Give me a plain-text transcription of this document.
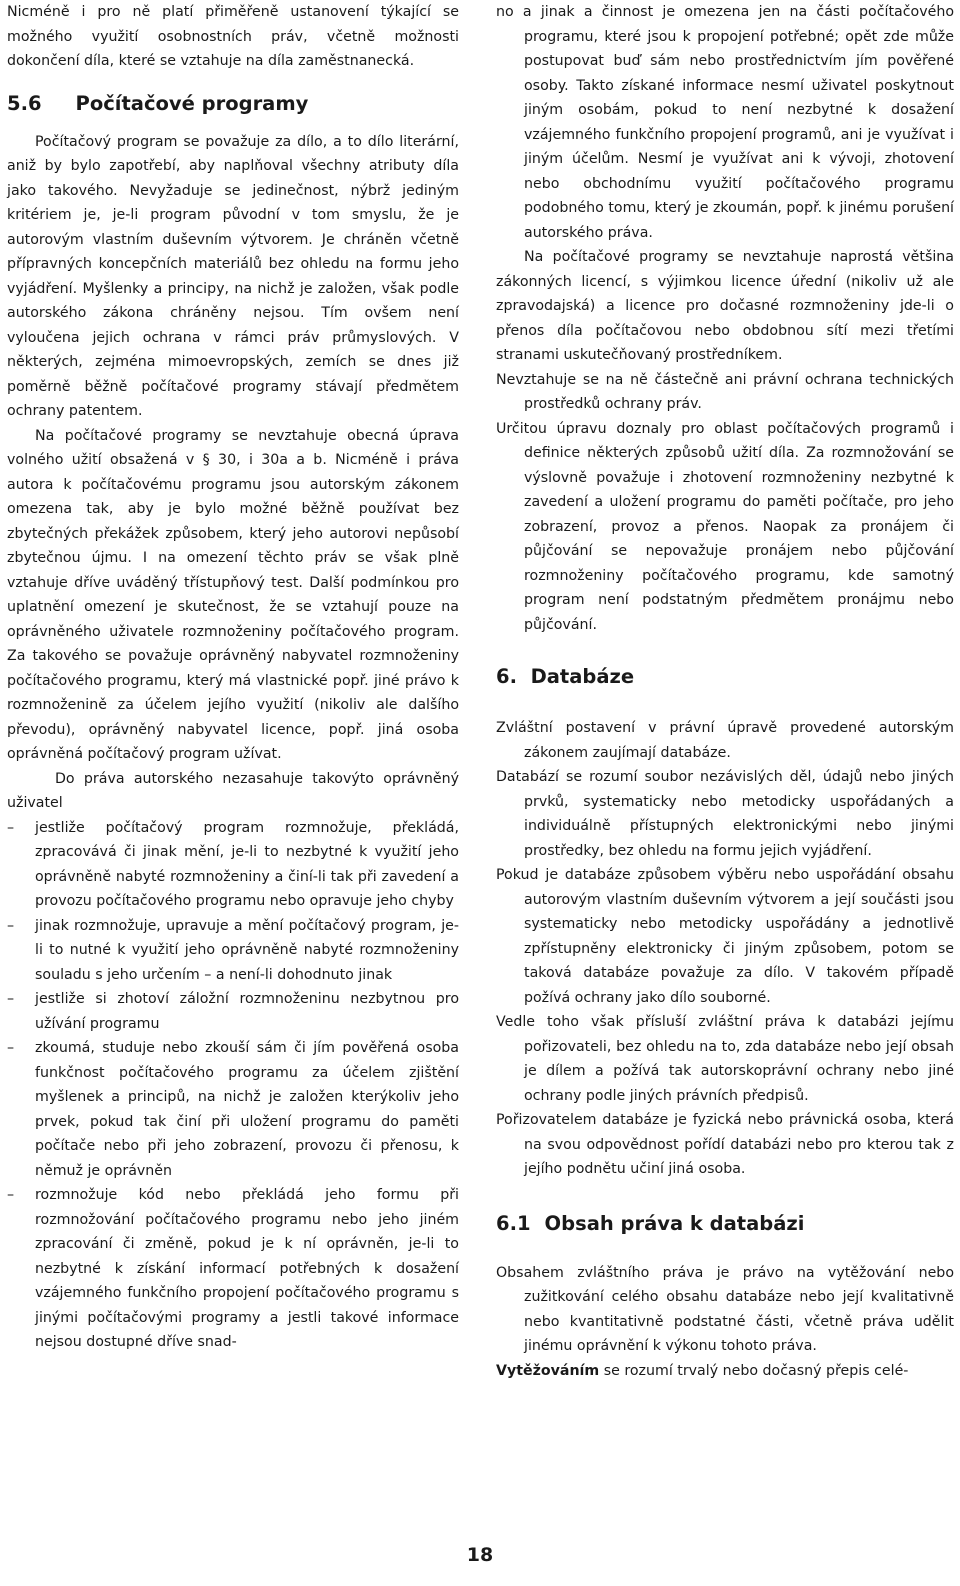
Nicméně i pro ně platí přiměřeně ustanovení týkající se možného využití osobnostních práv, včetně možnosti dokončení díla, které se vztahuje na díla zaměstnanecká.

5.6 Počítačové programy

Počítačový program se považuje za dílo, a to dílo literární, aniž by bylo zapotřebí, aby naplňoval všechny atributy díla jako takového. Nevyžaduje se jedinečnost, nýbrž jediným kritériem je, je-li program původní v tom smyslu, že je autorovým vlastním duševním výtvorem. Je chráněn včetně přípravných koncepčních materiálů bez ohledu na formu jeho vyjádření. Myšlenky a principy, na nichž je založen, však podle autorského zákona chráněny nejsou. Tím ovšem není vyloučena jejich ochrana v rámci práv průmyslových. V některých, zejména mimoevropských, zemích se dnes již poměrně běžně počítačové programy stávají předmětem ochrany patentem.

Na počítačové programy se nevztahuje obecná úprava volného užití obsažená v § 30, i 30a a b. Nicméně i práva autora k počítačovému programu jsou autorským zákonem omezena tak, aby je bylo možné běžně používat bez zbytečných překážek způsobem, který jeho autorovi nepůsobí zbytečnou újmu. I na omezení těchto práv se však plně vztahuje dříve uváděný třístupňový test. Další podmínkou pro uplatnění omezení je skutečnost, že se vztahují pouze na oprávněného uživatele rozmnoženiny počítačového program. Za takového se považuje oprávněný nabyvatel rozmnoženiny počítačového programu, který má vlastnické popř. jiné právo k rozmnoženině za účelem jejího využití (nikoliv ale dalšího převodu), oprávněný nabyvatel licence, popř. jiná osoba oprávněná počítačový program užívat.

Do práva autorského nezasahuje takovýto oprávněný uživatel

– jestliže počítačový program rozmnožuje, překládá, zpracovává či jinak mění, je-li to nezbytné k využití jeho oprávněně nabyté rozmnoženiny a činí-li tak při zavedení a provozu počítačového programu nebo opravuje jeho chyby
– jinak rozmnožuje, upravuje a mění počítačový program, je-li to nutné k využití jeho oprávněně nabyté rozmnoženiny souladu s jeho určením – a není-li dohodnuto jinak
– jestliže si zhotoví záložní rozmnoženinu nezbytnou pro užívání programu
– zkoumá, studuje nebo zkouší sám či jím pověřená osoba funkčnost počítačového programu za účelem zjištění myšlenek a principů, na nichž je založen kterýkoliv jeho prvek, pokud tak činí při uložení programu do paměti počítače nebo při jeho zobrazení, provozu či přenosu, k němuž je oprávněn
– rozmnožuje kód nebo překládá jeho formu při rozmnožování počítačového programu nebo jeho jiném zpracování či změně, pokud je k ní oprávněn, je-li to nezbytné k získání informací potřebných k dosažení vzájemného funkčního propojení počítačového programu s jinými počítačovými programy a jestli takové informace nejsou dostupné dříve snad-

no a jinak a činnost je omezena jen na části počítačového programu, které jsou k propojení potřebné; opět zde může postupovat buď sám nebo prostřednictvím jím pověřené osoby. Takto získané informace nesmí uživatel poskytnout jiným osobám, pokud to není nezbytné k dosažení vzájemného funkčního propojení programů, ani je využívat i jiným účelům. Nesmí je využívat ani k vývoji, zhotovení nebo obchodnímu využití počítačového programu podobného tomu, který je zkoumán, popř. k jinému porušení autorského práva.

Na počítačové programy se nevztahuje naprostá většina zákonných licencí, s výjimkou licence úřední (nikoliv už ale zpravodajská) a licence pro dočasné rozmnoženiny jde-li o přenos díla počítačovou nebo obdobnou sítí mezi třetími stranami uskutečňovaný prostředníkem.

Nevztahuje se na ně částečně ani právní ochrana technických prostředků ochrany práv.

Určitou úpravu doznaly pro oblast počítačových programů i definice některých způsobů užití díla. Za rozmnožování se výslovně považuje i zhotovení rozmnoženiny nezbytné k zavedení a uložení programu do paměti počítače, pro jeho zobrazení, provoz a přenos. Naopak za pronájem či půjčování se nepovažuje pronájem nebo půjčování rozmnoženiny počítačového programu, kde samotný program není podstatným předmětem pronájmu nebo půjčování.

6. Databáze

Zvláštní postavení v právní úpravě provedené autorským zákonem zaujímají databáze.

Databází se rozumí soubor nezávislých děl, údajů nebo jiných prvků, systematicky nebo metodicky uspořádaných a individuálně přístupných elektronickými nebo jinými prostředky, bez ohledu na formu jejich vyjádření.

Pokud je databáze způsobem výběru nebo uspořádání obsahu autorovým vlastním duševním výtvorem a její součásti jsou systematicky nebo metodicky uspořádány a jednotlivě zpřístupněny elektronicky či jiným způsobem, potom se taková databáze považuje za dílo. V takovém případě požívá ochrany jako dílo souborné.

Vedle toho však přísluší zvláštní práva k databázi jejímu pořizovateli, bez ohledu na to, zda databáze nebo její obsah je dílem a požívá tak autorskoprávní ochrany nebo jiné ochrany podle jiných právních předpisů.

Pořizovatelem databáze je fyzická nebo právnická osoba, která na svou odpovědnost pořídí databázi nebo pro kterou tak z jejího podnětu učiní jiná osoba.

6.1 Obsah práva k databázi

Obsahem zvláštního práva je právo na vytěžování nebo zužitkování celého obsahu databáze nebo její kvalitativně nebo kvantitativně podstatné části, včetně práva udělit jinému oprávnění k výkonu tohoto práva.

Vytěžováním se rozumí trvalý nebo dočasný přepis celé-

18
